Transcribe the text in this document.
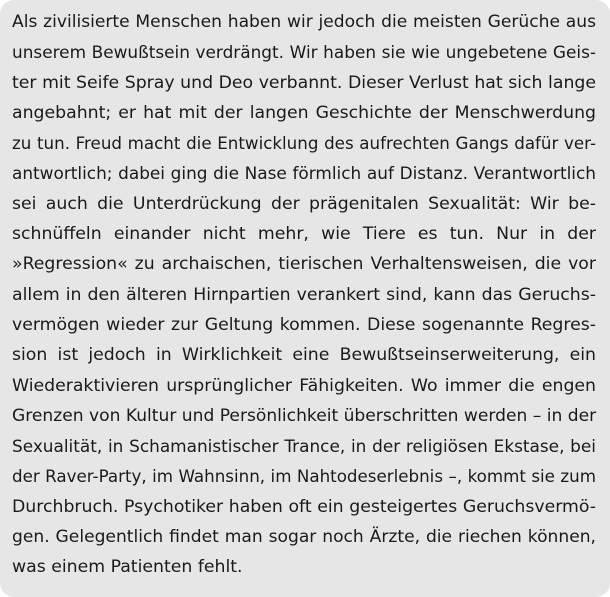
Als zivilisierte Menschen haben wir jedoch die meisten Gerüche aus
unserem Bewußtsein verdrängt. Wir haben sie wie ungebetene Geis-
ter mit Seife Spray und Deo verbannt. Dieser Verlust hat sich lange
angebahnt; er hat mit der langen Geschichte der Menschwerdung
zu tun. Freud macht die Entwicklung des aufrechten Gangs dafür ver-
antwortlich; dabei ging die Nase förmlich auf Distanz. Verantwortlich
sei auch die Unterdrückung der prägenitalen Sexualität: Wir be-
schnüffeln einander nicht mehr, wie Tiere es tun. Nur in der
»Regression« zu archaischen, tierischen Verhaltensweisen, die vor
allem in den älteren Hirnpartien verankert sind, kann das Geruchs-
vermögen wieder zur Geltung kommen. Diese sogenannte Regres-
sion ist jedoch in Wirklichkeit eine Bewußtseinserweiterung, ein
Wiederaktivieren ursprünglicher Fähigkeiten. Wo immer die engen
Grenzen von Kultur und Persönlichkeit überschritten werden – in der
Sexualität, in Schamanistischer Trance, in der religiösen Ekstase, bei
der Raver-Party, im Wahnsinn, im Nahtodeserlebnis –, kommt sie zum
Durchbruch. Psychotiker haben oft ein gesteigertes Geruchsvermö-
gen. Gelegentlich findet man sogar noch Ärzte, die riechen können,
was einem Patienten fehlt.
